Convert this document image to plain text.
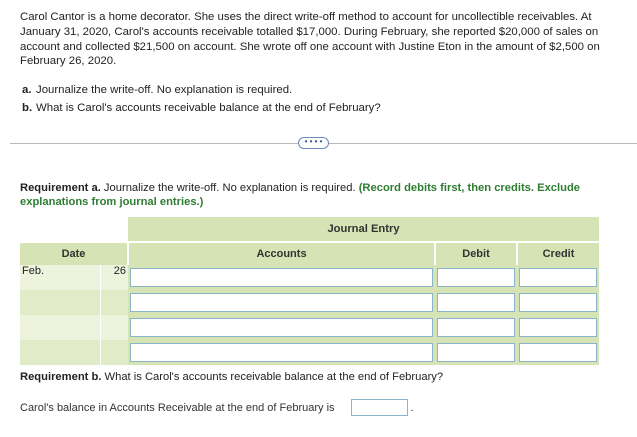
Carol Cantor is a home decorator. She uses the direct write-off method to account for uncollectible receivables. At January 31, 2020, Carol's accounts receivable totalled $17,000. During February, she reported $20,000 of sales on account and collected $21,500 on account. She wrote off one account with Justine Eton in the amount of $2,500 on February 26, 2020.
a. Journalize the write-off. No explanation is required.
b. What is Carol's accounts receivable balance at the end of February?
• • • •
Requirement a. Journalize the write-off. No explanation is required. (Record debits first, then credits. Exclude explanations from journal entries.)
		Journal Entry		
Date		Accounts	Debit	Credit
Feb.	26	

Requirement b. What is Carol's accounts receivable balance at the end of February?
Carol's balance in Accounts Receivable at the end of February is	.
